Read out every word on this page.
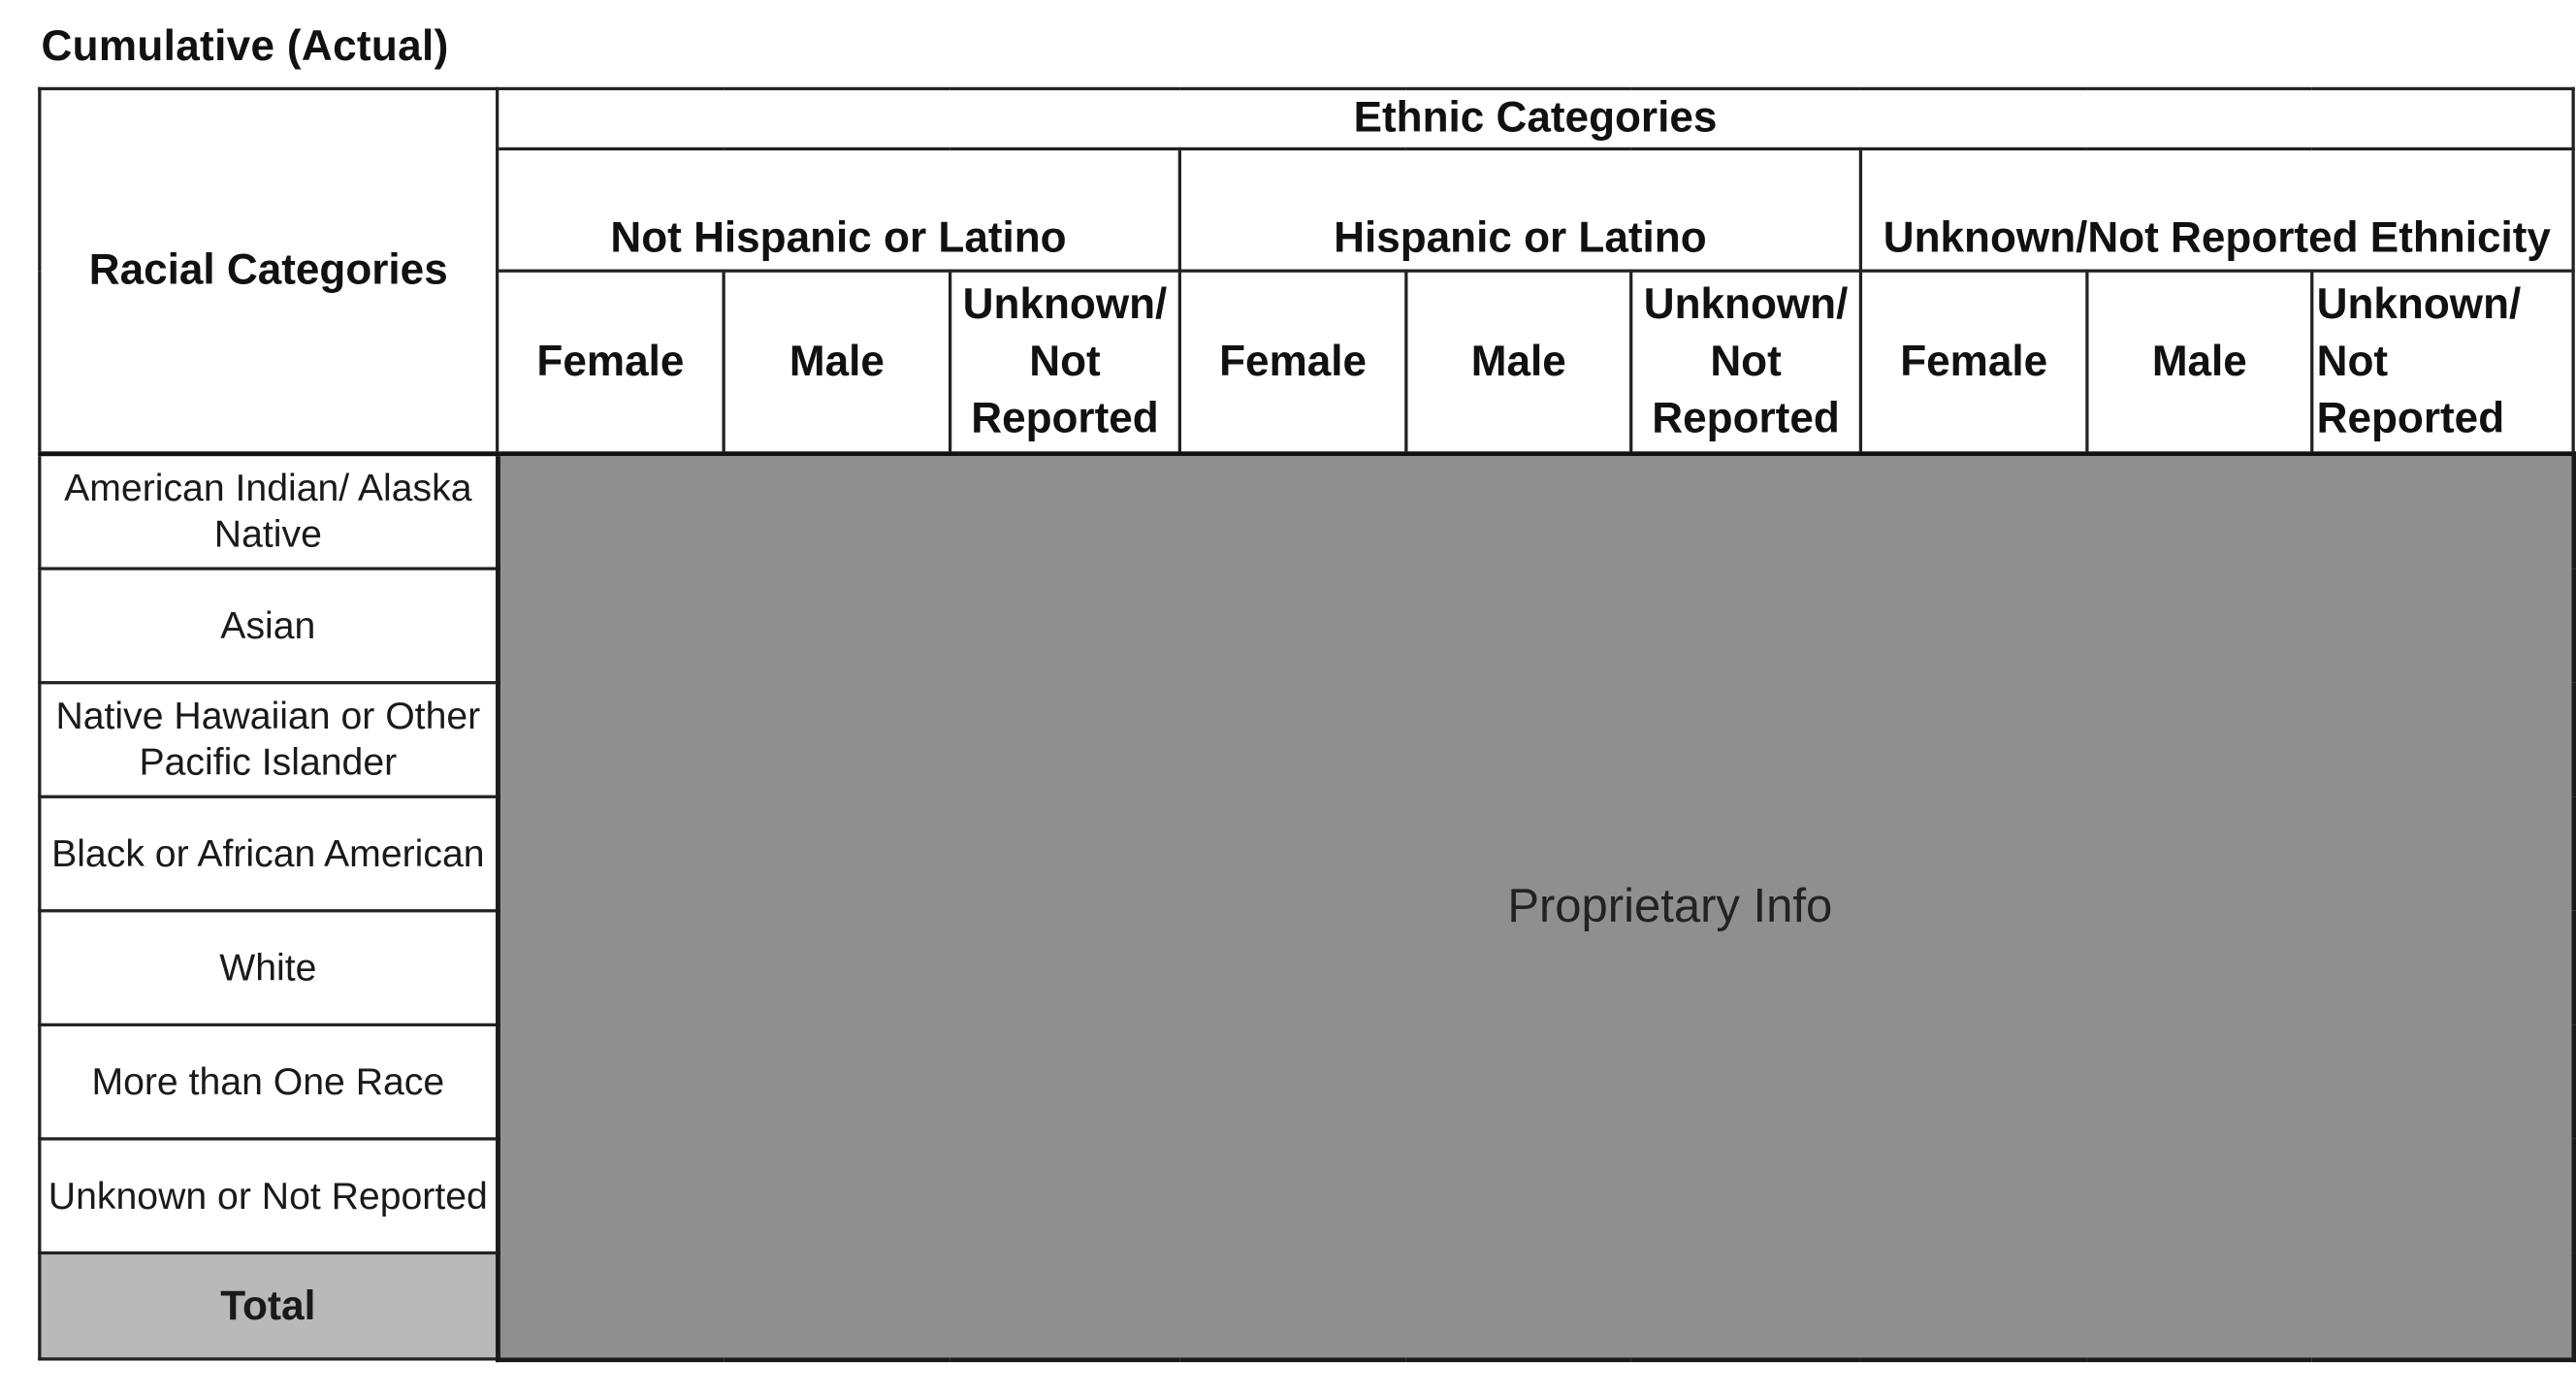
Cumulative (Actual)
Racial Categories	Ethnic Categories								
	Not Hispanic or Latino			Hispanic or Latino			Unknown/Not Reported Ethnicity		
	Female	Male	Unknown/ Not Reported	Female	Male	Unknown/ Not Reported	Female	Male	Unknown/ Not Reported
American Indian/ Alaska Native	Proprietary Info								

Asian									
Native Hawaiian or Other Pacific Islander									
Black or African American									
White									
More than One Race									
Unknown or Not Reported									
Total									
